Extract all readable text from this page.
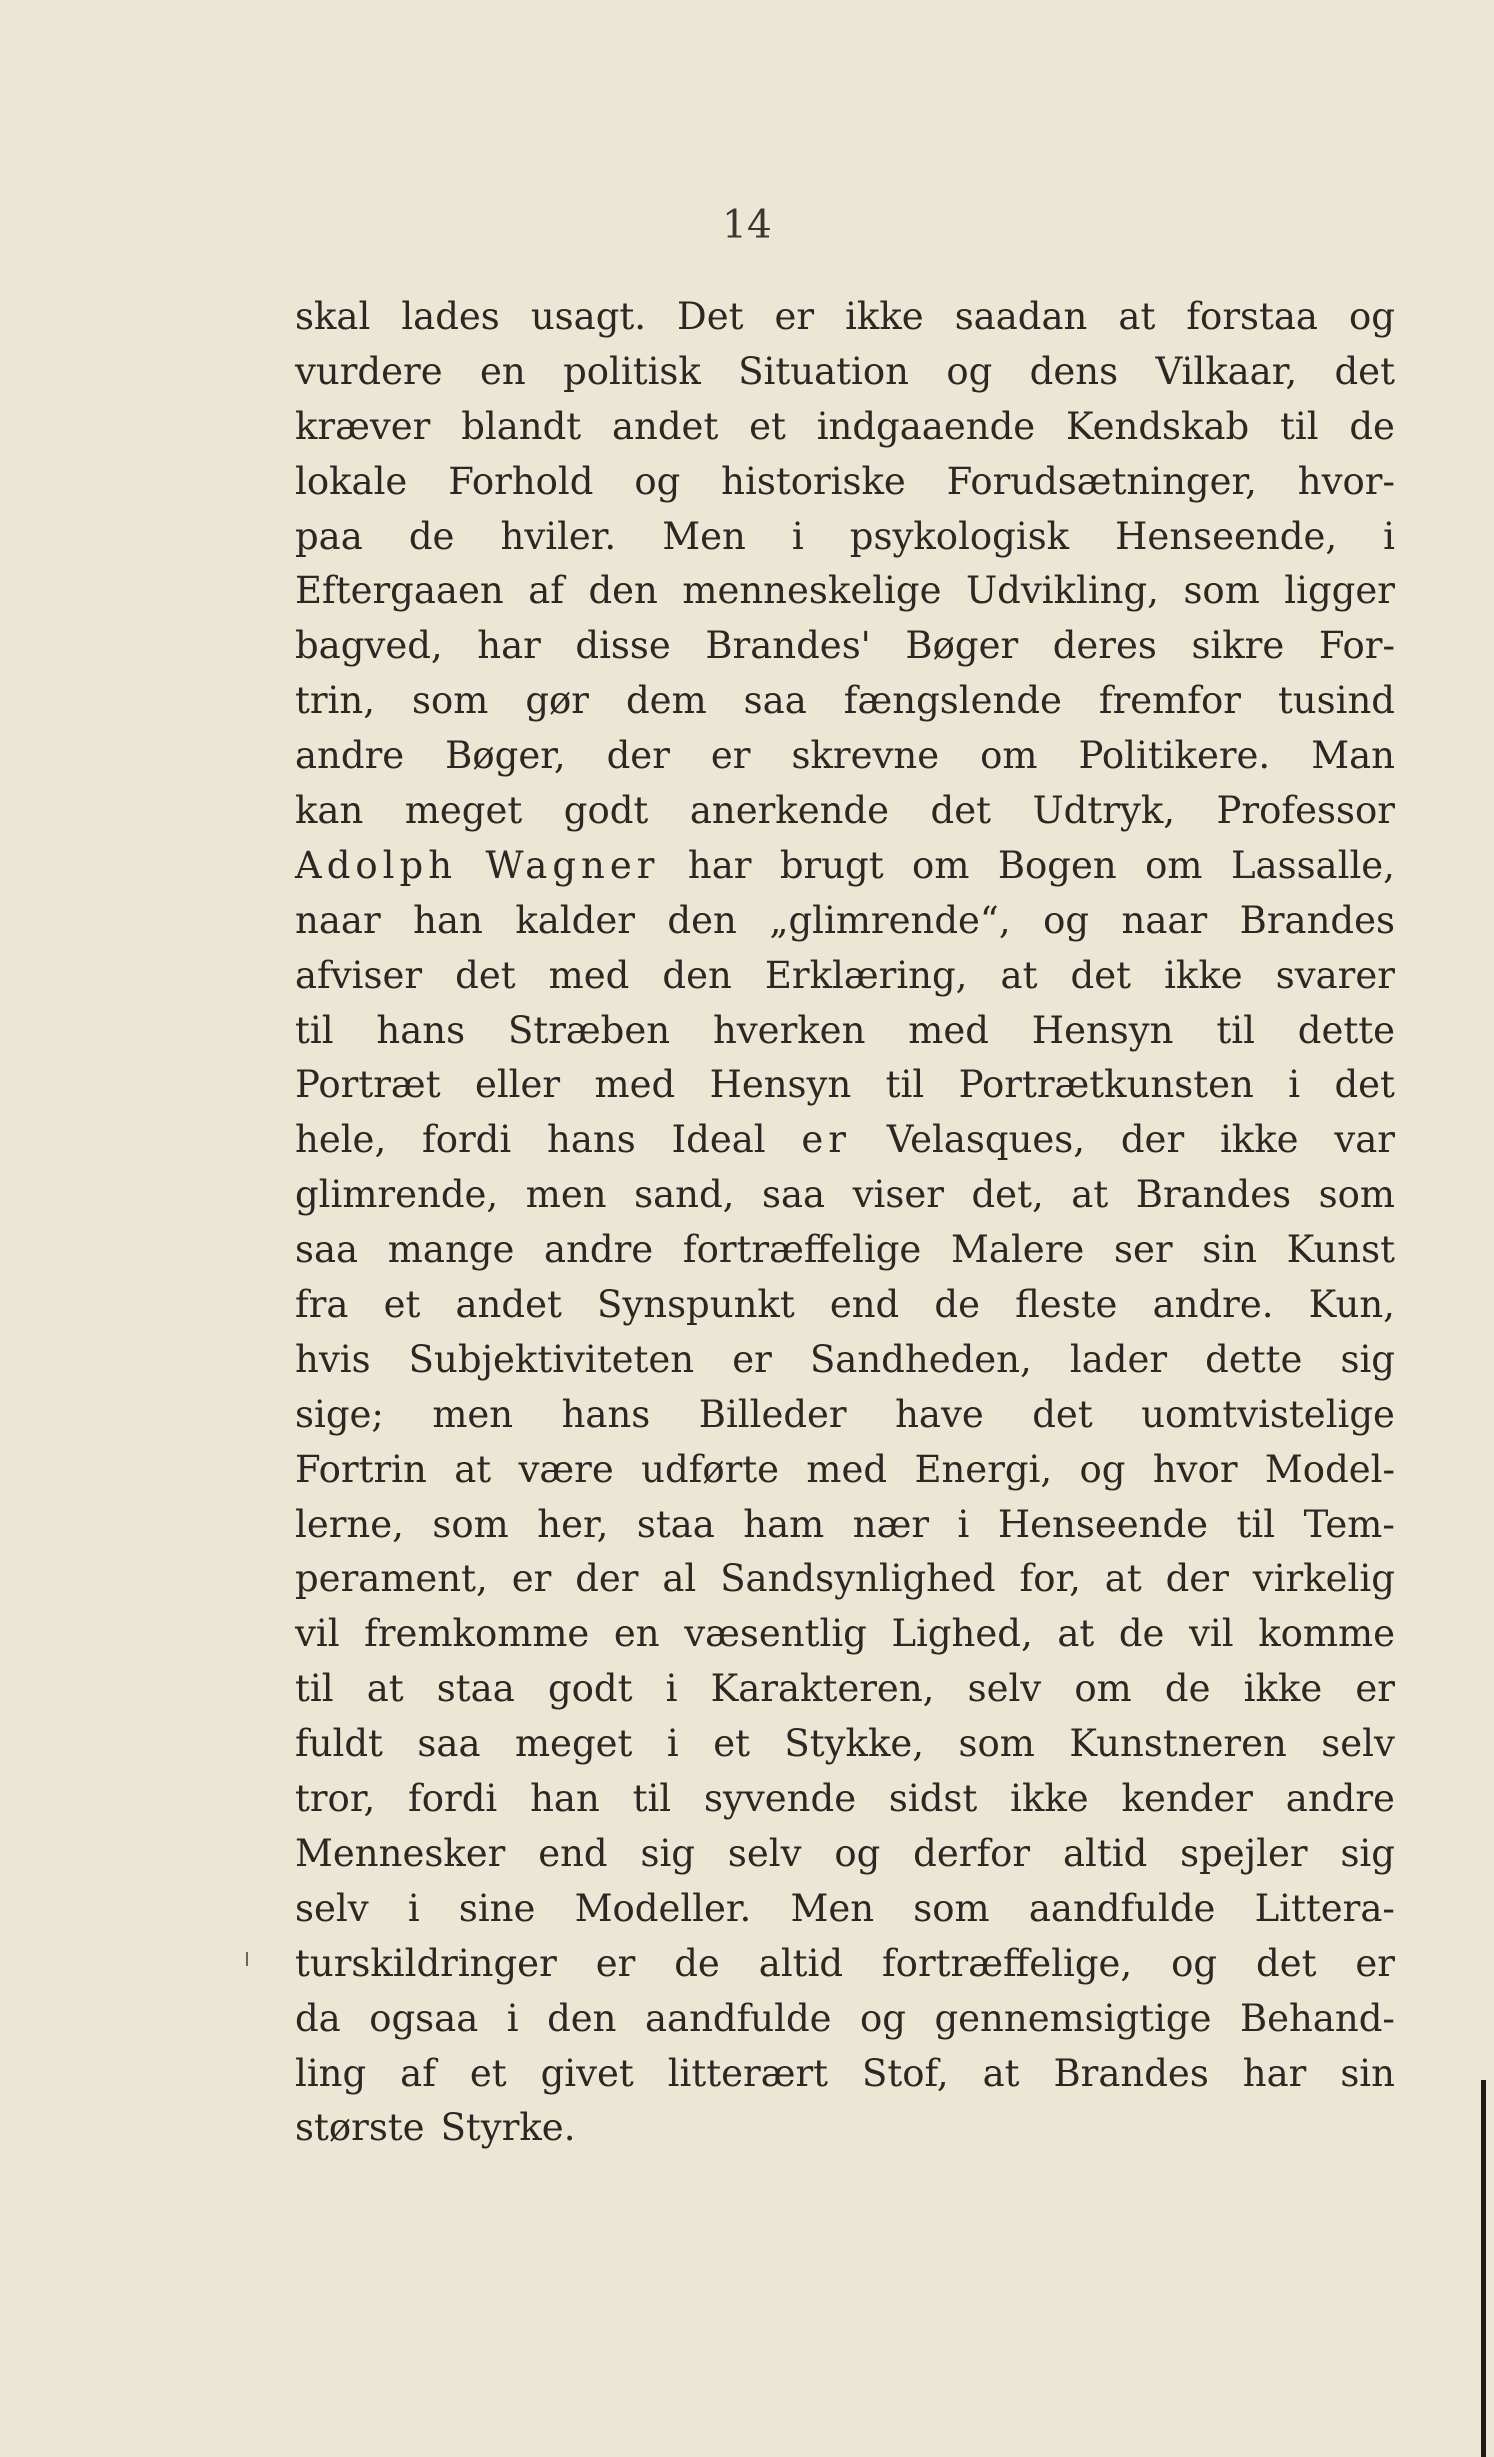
14
skal lades usagt. Det er ikke saadan at forstaa og
vurdere en politisk Situation og dens Vilkaar, det
kræver blandt andet et indgaaende Kendskab til de
lokale Forhold og historiske Forudsætninger, hvor-
paa de hviler. Men i psykologisk Henseende, i
Eftergaaen af den menneskelige Udvikling, som ligger
bagved, har disse Brandes' Bøger deres sikre For-
trin, som gør dem saa fængslende fremfor tusind
andre Bøger, der er skrevne om Politikere. Man
kan meget godt anerkende det Udtryk, Professor
Adolph Wagner har brugt om Bogen om Lassalle,
naar han kalder den „glimrende“, og naar Brandes
afviser det med den Erklæring, at det ikke svarer
til hans Stræben hverken med Hensyn til dette
Portræt eller med Hensyn til Portrætkunsten i det
hele, fordi hans Ideal er Velasques, der ikke var
glimrende, men sand, saa viser det, at Brandes som
saa mange andre fortræffelige Malere ser sin Kunst
fra et andet Synspunkt end de fleste andre. Kun,
hvis Subjektiviteten er Sandheden, lader dette sig
sige; men hans Billeder have det uomtvistelige
Fortrin at være udførte med Energi, og hvor Model-
lerne, som her, staa ham nær i Henseende til Tem-
perament, er der al Sandsynlighed for, at der virkelig
vil fremkomme en væsentlig Lighed, at de vil komme
til at staa godt i Karakteren, selv om de ikke er
fuldt saa meget i et Stykke, som Kunstneren selv
tror, fordi han til syvende sidst ikke kender andre
Mennesker end sig selv og derfor altid spejler sig
selv i sine Modeller. Men som aandfulde Littera-
turskildringer er de altid fortræffelige, og det er
da ogsaa i den aandfulde og gennemsigtige Behand-
ling af et givet litterært Stof, at Brandes har sin
største Styrke.
